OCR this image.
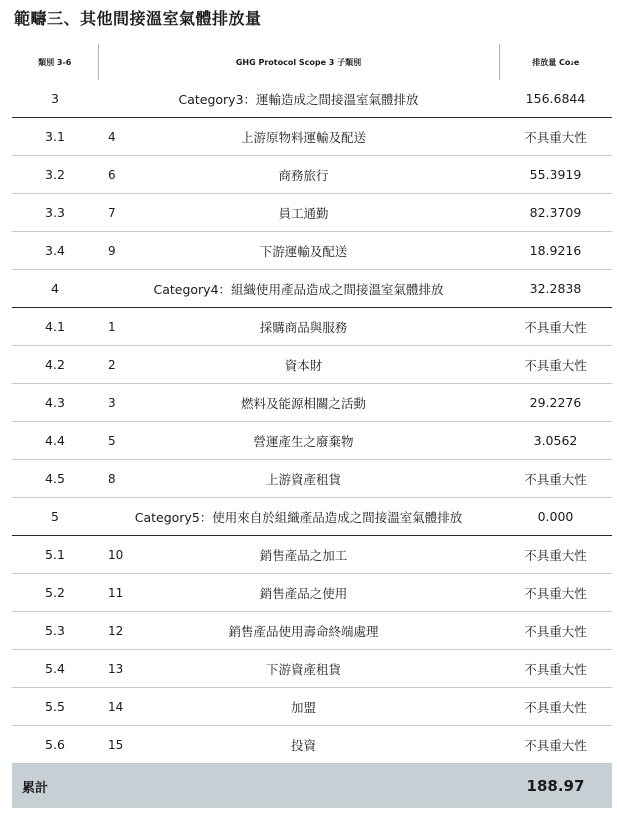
範疇三、其他間接溫室氣體排放量
類別 3-6	GHG Protocol Scope 3 子類別	排放量 Co₂e
3	Category3：運輸造成之間接溫室氣體排放	156.6844
3.1	4 上游原物料運輸及配送	不具重大性
3.2	6 商務旅行	55.3919
3.3	7 員工通勤	82.3709
3.4	9 下游運輸及配送	18.9216
4	Category4：組織使用產品造成之間接溫室氣體排放	32.2838
4.1	1 採購商品與服務	不具重大性
4.2	2 資本財	不具重大性
4.3	3 燃料及能源相關之活動	29.2276
4.4	5 營運產生之廢棄物	3.0562
4.5	8 上游資產租貨	不具重大性
5	Category5：使用來自於組織產品造成之間接溫室氣體排放	0.000
5.1	10 銷售產品之加工	不具重大性
5.2	11 銷售產品之使用	不具重大性
5.3	12 銷售產品使用壽命終端處理	不具重大性
5.4	13 下游資產租貨	不具重大性
5.5	14 加盟	不具重大性
5.6	15 投資	不具重大性
累計		188.97
